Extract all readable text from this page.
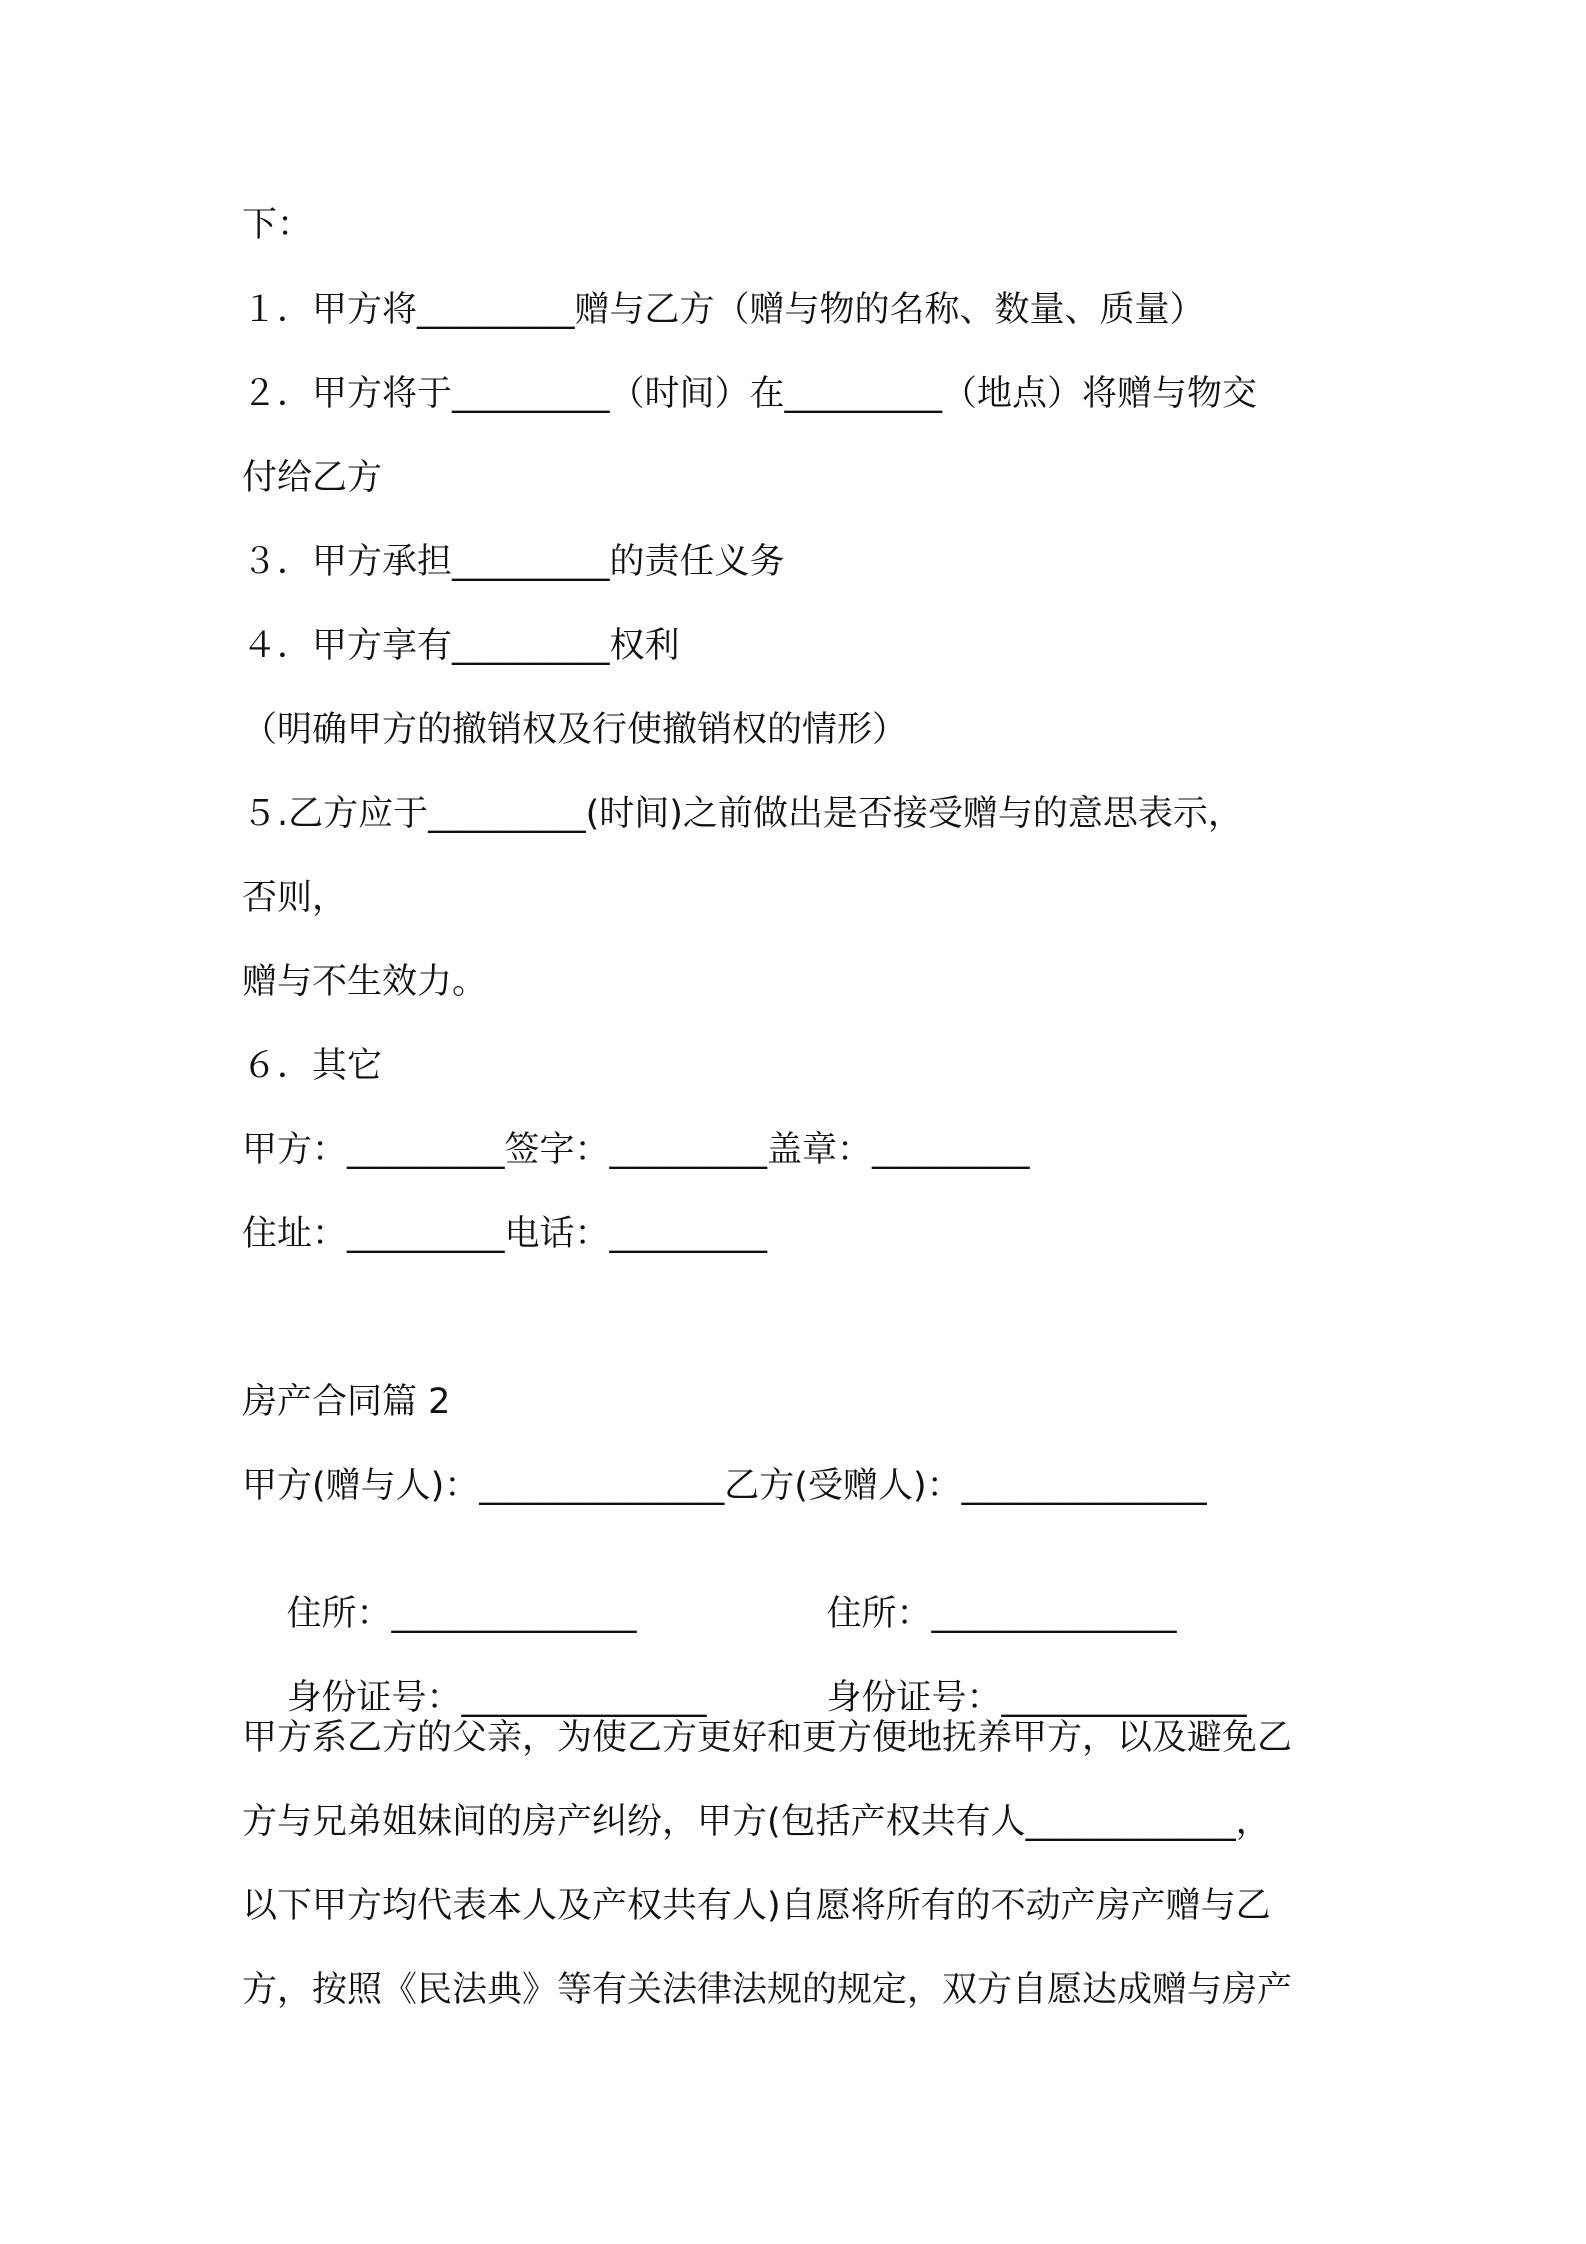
下：
１．甲方将_________赠与乙方（赠与物的名称、数量、质量）
２．甲方将于_________（时间）在_________（地点）将赠与物交
付给乙方
３．甲方承担_________的责任义务
４．甲方享有_________权利
（明确甲方的撤销权及行使撤销权的情形）
５.乙方应于_________(时间)之前做出是否接受赠与的意思表示，
否则，
赠与不生效力。
６．其它
甲方：_________签字：_________盖章：_________
住址：_________电话：_________
房产合同篇 2
甲方(赠与人)：______________乙方(受赠人)：______________

住所：______________
	住所：______________

身份证号：______________
	身份证号：______________

甲方系乙方的父亲，为使乙方更好和更方便地抚养甲方，以及避免乙
方与兄弟姐妹间的房产纠纷，甲方(包括产权共有人____________，
以下甲方均代表本人及产权共有人)自愿将所有的不动产房产赠与乙
方，按照《民法典》等有关法律法规的规定，双方自愿达成赠与房产
